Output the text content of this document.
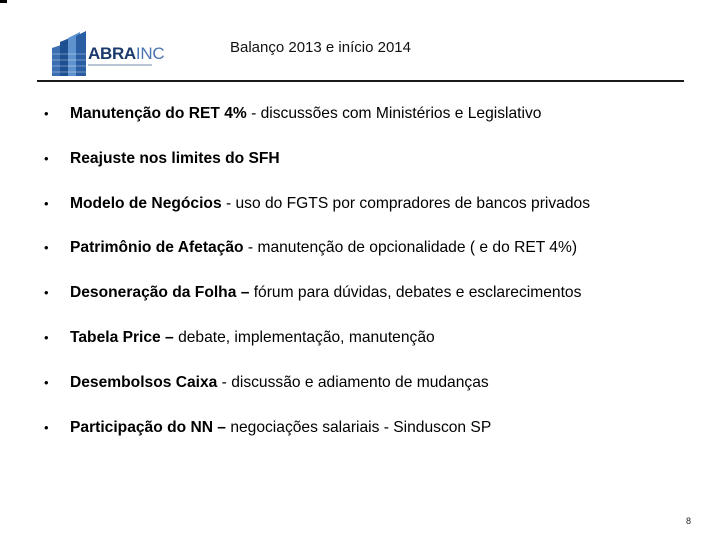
ABRAINC	Balanço 2013 e início 2014
•	Manutenção do RET 4% - discussões com Ministérios e Legislativo
•	Reajuste nos limites do SFH
•	Modelo de Negócios - uso do FGTS por compradores de bancos privados
•	Patrimônio de Afetação - manutenção de opcionalidade ( e do RET 4%)
•	Desoneração da Folha – fórum para dúvidas, debates e esclarecimentos
•	Tabela Price – debate, implementação, manutenção
•	Desembolsos Caixa - discussão e adiamento de mudanças
•	Participação do NN – negociações salariais - Sinduscon SP
8
